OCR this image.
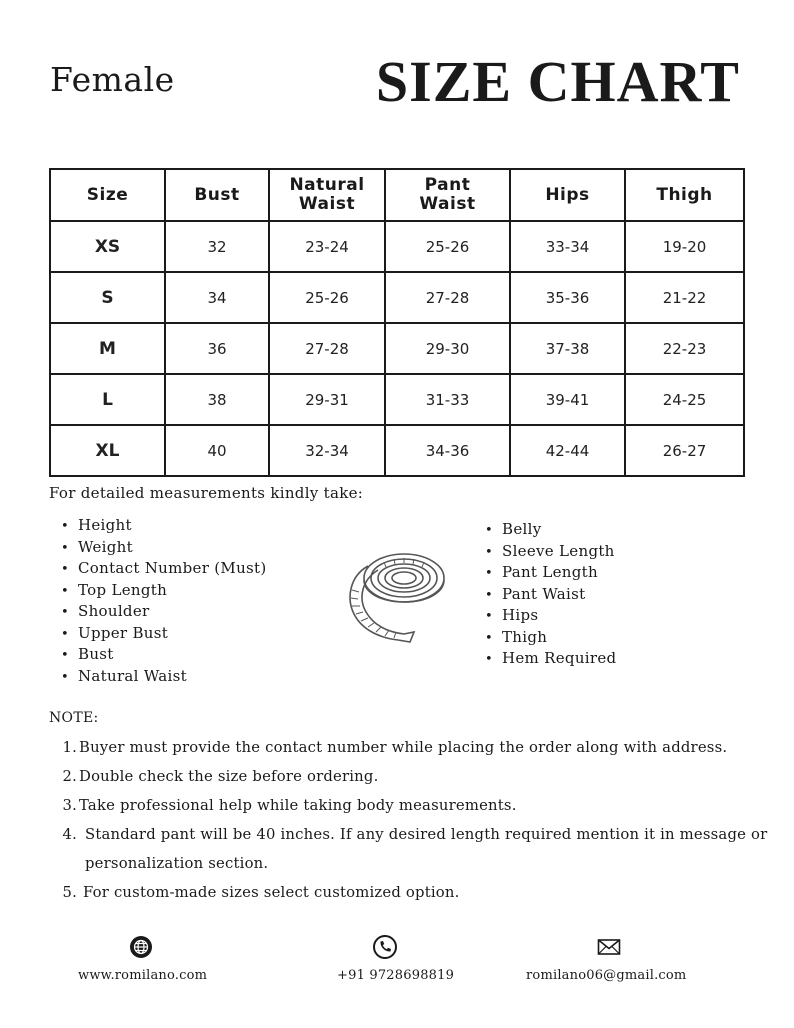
Female	SIZE CHART
Size	Bust	Natural Waist	Pant Waist	Hips	Thigh
XS	32	23-24	25-26	33-34	19-20
S	34	25-26	27-28	35-36	21-22
M	36	27-28	29-30	37-38	22-23
L	38	29-31	31-33	39-41	24-25
XL	40	32-34	34-36	42-44	26-27
For detailed measurements kindly take:
• Height
• Weight
• Contact Number (Must)
• Top Length
• Shoulder
• Upper Bust
• Bust
• Natural Waist
• Belly
• Sleeve Length
• Pant Length
• Pant Waist
• Hips
• Thigh
• Hem Required
NOTE:
1. Buyer must provide the contact number while placing the order along with address.
2. Double check the size before ordering.
3. Take professional help while taking body measurements.
4. Standard pant will be 40 inches. If any desired length required mention it in message or personalization section.
5. For custom-made sizes select customized option.
www.romilano.com	+91 9728698819	romilano06@gmail.com
